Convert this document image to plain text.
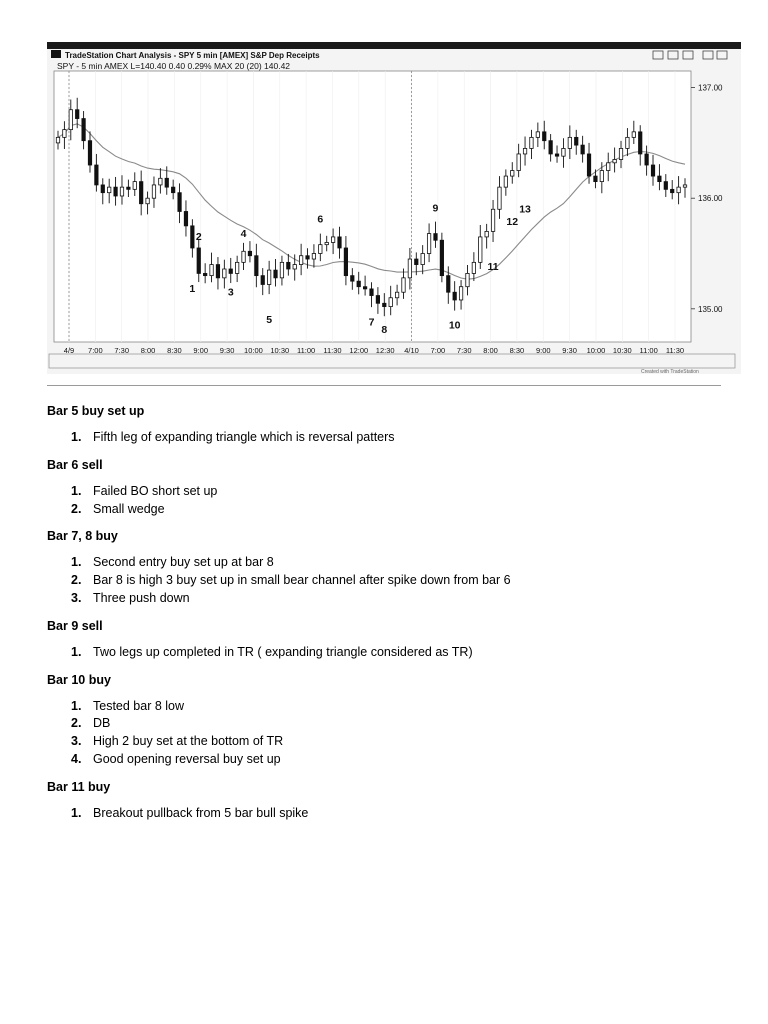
TradeStation Chart Analysis - SPY 5 min [AMEX] S&P Dep Receipts
SPY - 5 min AMEX L=140.40 0.40 0.29% MAX 20 (20) 140.42
1
2
3
4
5
6
7
8
9
10
11
12
13
137.00
136.00
135.00
4/9 7:00 7:30 8:00 8:30 9:00 9:30 10:00 10:30 11:00 11:30 12:00 12:30 4/10 7:00 7:30 8:00 8:30 9:00 9:30 10:00 10:30 11:00 11:30
Created with TradeStation
Bar 5 buy set up
1. Fifth leg of expanding triangle which is reversal patters
Bar 6 sell
1. Failed BO short set up
2. Small wedge
Bar 7, 8 buy
1. Second entry buy set up at bar 8
2. Bar 8 is high 3 buy set up in small bear channel after spike down from bar 6
3. Three push down
Bar 9 sell
1. Two legs up completed in TR ( expanding triangle considered as TR)
Bar 10 buy
1. Tested bar 8 low
2. DB
3. High 2 buy set at the bottom of TR
4. Good opening reversal buy set up
Bar 11 buy
1. Breakout pullback from 5 bar bull spike
